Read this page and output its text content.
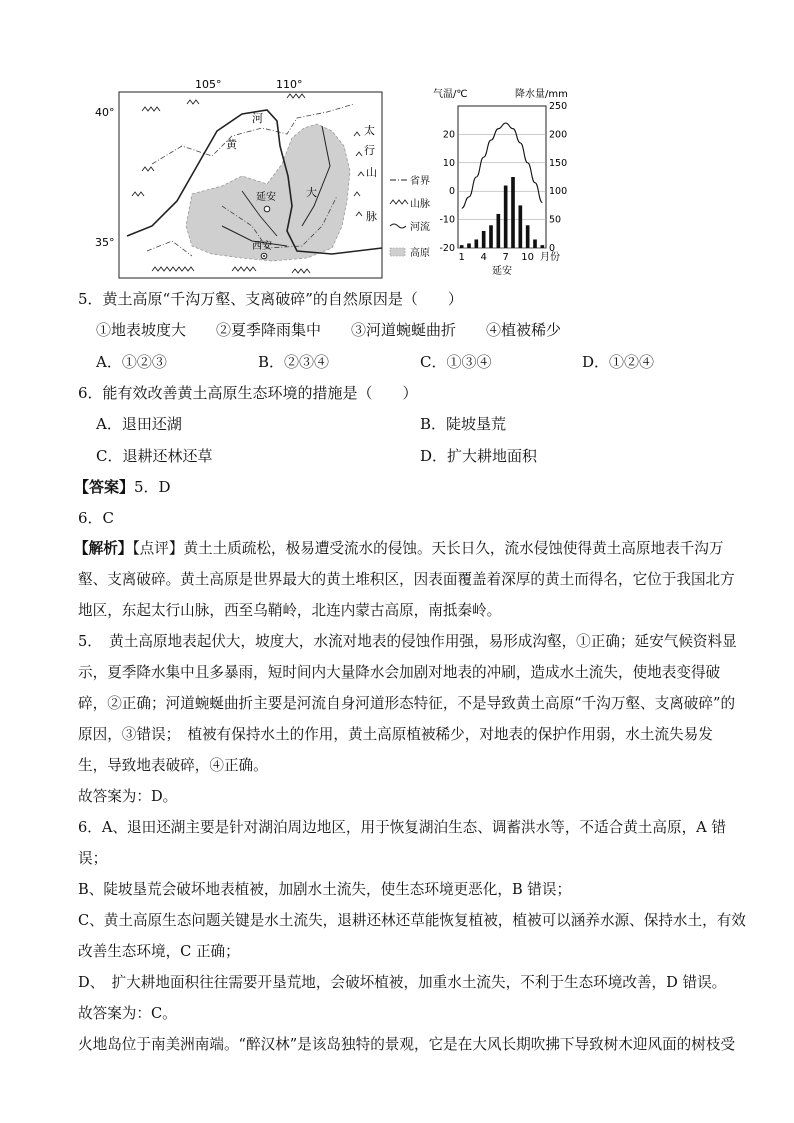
105°	110°
40°
35°
河
黄
延安
西安
大
太
行
山
脉
省界
山脉
河流
高原
气温/℃	降水量/mm
20
10
0
-10
-20
250
200
150
100
50
0
1 4 7 10 月份
延安
5．黄土高原“千沟万壑、支离破碎”的自然原因是（　　）
①地表坡度大　　②夏季降雨集中　　③河道蜿蜒曲折　　④植被稀少
A．①②③	B．②③④	C．①③④	D．①②④
6．能有效改善黄土高原生态环境的措施是（　　）
A．退田还湖	B．陡坡垦荒
C．退耕还林还草	D．扩大耕地面积
【答案】5．D
6．C
【解析】【点评】黄土土质疏松，极易遭受流水的侵蚀。天长日久，流水侵蚀使得黄土高原地表千沟万
壑、支离破碎。黄土高原是世界最大的黄土堆积区，因表面覆盖着深厚的黄土而得名，它位于我国北方
地区，东起太行山脉，西至乌鞘岭，北连内蒙古高原，南抵秦岭。
5．　黄土高原地表起伏大，坡度大，水流对地表的侵蚀作用强，易形成沟壑，①正确；延安气候资料显
示，夏季降水集中且多暴雨，短时间内大量降水会加剧对地表的冲刷，造成水土流失，使地表变得破
碎，②正确；河道蜿蜒曲折主要是河流自身河道形态特征，不是导致黄土高原“千沟万壑、支离破碎”的
原因，③错误；　植被有保持水土的作用，黄土高原植被稀少，对地表的保护作用弱，水土流失易发
生，导致地表破碎，④正确。
故答案为：D。
6．A、退田还湖主要是针对湖泊周边地区，用于恢复湖泊生态、调蓄洪水等，不适合黄土高原，A 错
误；
B、陡坡垦荒会破坏地表植被，加剧水土流失，使生态环境更恶化，B 错误；
C、黄土高原生态问题关键是水土流失，退耕还林还草能恢复植被，植被可以涵养水源、保持水土，有效
改善生态环境，C 正确；
D、　扩大耕地面积往往需要开垦荒地，会破坏植被，加重水土流失，不利于生态环境改善，D 错误。
故答案为：C。
火地岛位于南美洲南端。“醉汉林”是该岛独特的景观，它是在大风长期吹拂下导致树木迎风面的树枝受
